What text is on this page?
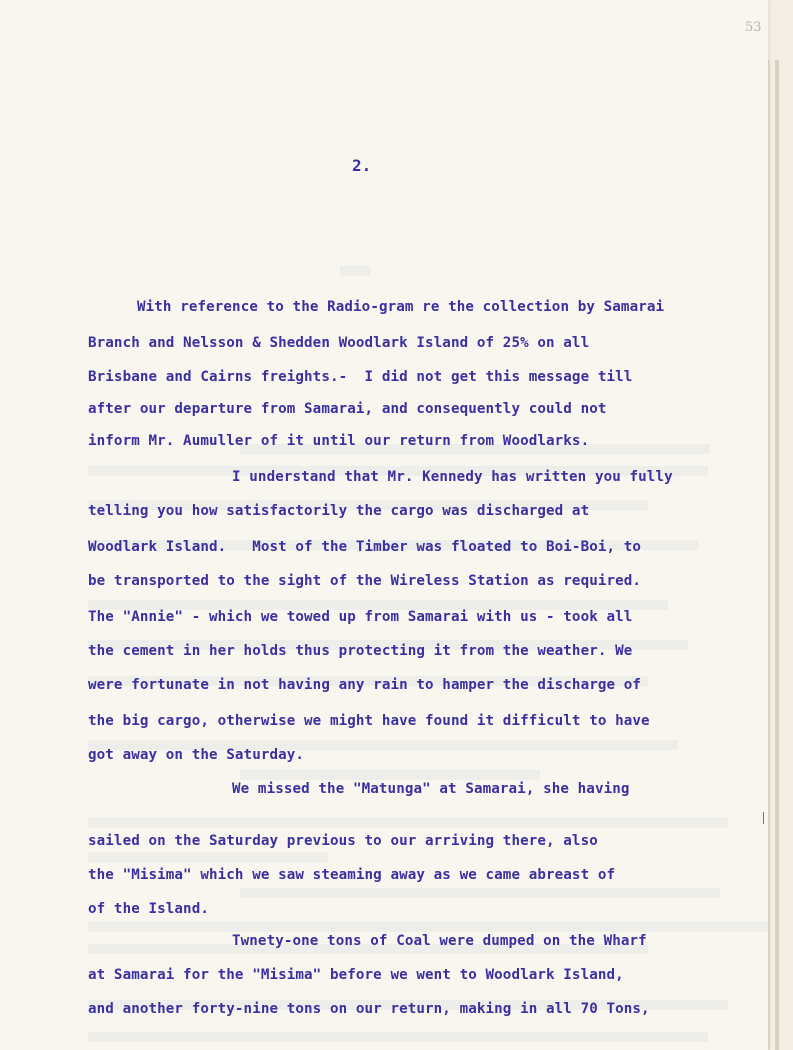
53
2.

With reference to the Radio-gram re the collection by Samarai

Branch and Nelsson & Shedden Woodlark Island of 25% on all

Brisbane and Cairns freights.-  I did not get this message till

after our departure from Samarai, and consequently could not

inform Mr. Aumuller of it until our return from Woodlarks.

I understand that Mr. Kennedy has written you fully

telling you how satisfactorily the cargo was discharged at

Woodlark Island.   Most of the Timber was floated to Boi-Boi, to

be transported to the sight of the Wireless Station as required.

The "Annie" - which we towed up from Samarai with us - took all

the cement in her holds thus protecting it from the weather. We

were fortunate in not having any rain to hamper the discharge of

the big cargo, otherwise we might have found it difficult to have

got away on the Saturday.

We missed the "Matunga" at Samarai, she having

sailed on the Saturday previous to our arriving there, also

the "Misima" which we saw steaming away as we came abreast of

of the Island.

Twnety-one tons of Coal were dumped on the Wharf

at Samarai for the "Misima" before we went to Woodlark Island,

and another forty-nine tons on our return, making in all 70 Tons,
